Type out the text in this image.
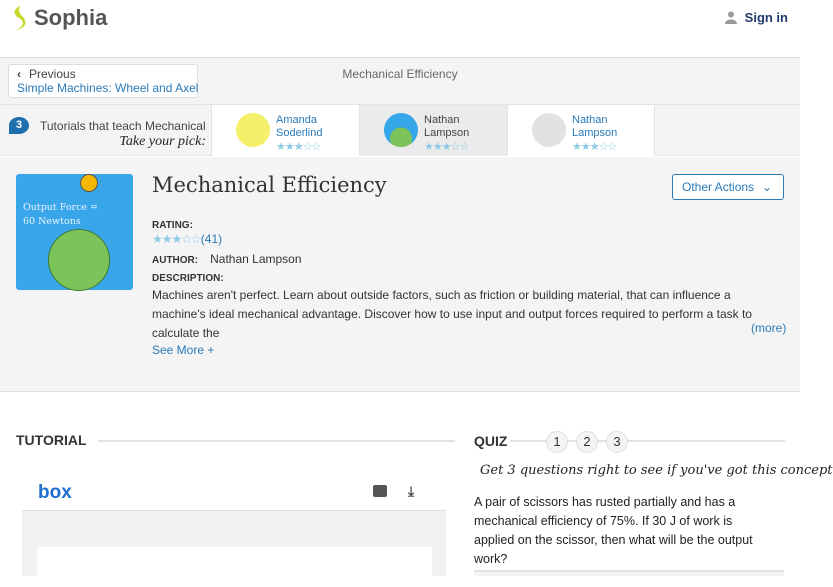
Sophia	Sign in
Mechanical Efficiency
‹ Previous
Simple Machines: Wheel and Axel
3	Tutorials that teach Mechanical	Amanda Soderlind
★★★☆☆
Nathan Lampson
★★★☆☆
Nathan Lampson
★★★☆☆
Take your pick:
Output Force = 60 Newtons
Mechanical Efficiency	Other Actions ⌄
RATING:
★★★☆☆(41)
AUTHOR: Nathan Lampson
DESCRIPTION:
Machines aren't perfect. Learn about outside factors, such as friction or building material, that can influence a machine's ideal mechanical advantage. Discover how to use input and output forces required to perform a task to calculate the	(more)
See More +
TUTORIAL
box	⤓
QUIZ	1	2	3
Get 3 questions right to see if you've got this concept
A pair of scissors has rusted partially and has a mechanical efficiency of 75%. If 30 J of work is applied on the scissor, then what will be the output work?
